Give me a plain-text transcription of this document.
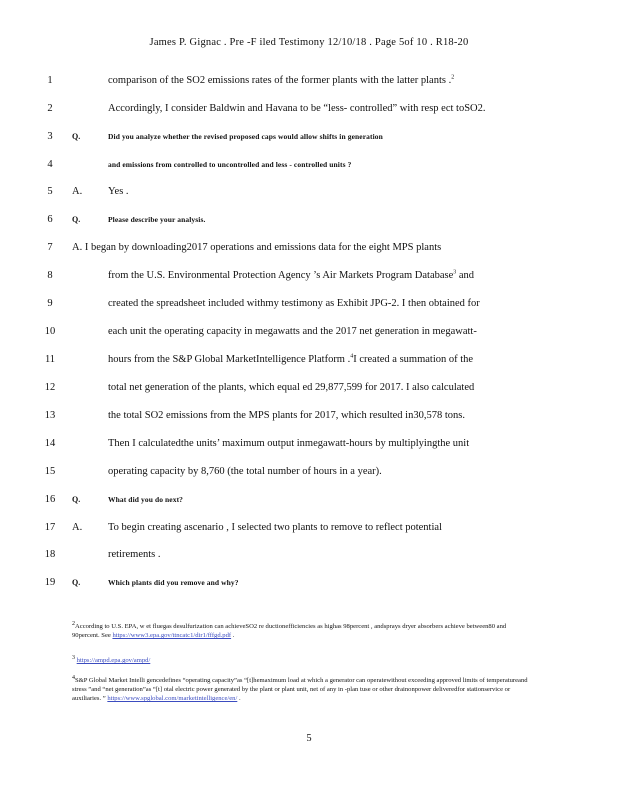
James P. Gignac . Pre -F iled Testimony 12/10/18 . Page 5of 10 . R18-20
1	comparison of the SO2 emissions rates of the former plants with the latter plants .$^2$
2	Accordingly, I consider Baldwin and Havana to be “less- controlled” with resp ect toSO2.
3	Q.	Did you analyze whether the revised proposed caps would allow shifts in generation
4	and emissions from controlled to uncontrolled and less - controlled units ?
5	A. Yes .
6	Q.	Please describe your analysis.
7	A. I began by downloading2017 operations and emissions data for the eight MPS plants
8	from the U.S. Environmental Protection Agency ’s Air Markets Program Database$^3$ and
9	created the spreadsheet included withmy testimony as Exhibit JPG-2. I then obtained for
10	each unit the operating capacity in megawatts and the 2017 net generation in megawatt-
11	hours from the S&P Global MarketIntelligence Platform .$^4$I created a summation of the
12	total net generation of the plants, which equal ed 29,877,599 for 2017. I also calculated
13	the total SO2 emissions from the MPS plants for 2017, which resulted in30,578 tons.
14	Then I calculatedthe units’ maximum output inmegawatt-hours by multiplyingthe unit
15	operating capacity by 8,760 (the total number of hours in a year).
16	Q.	What did you do next?
17	A. To begin creating ascenario , I selected two plants to remove to reflect potential
18	retirements .
19	Q.	Which plants did you remove and why?

$^2$According to U.S. EPA, w et fluegas desulfurization can achieveSO2 re ductionefficiencies as highas 98percent , andsprays dryer absorbers achieve between80 and 90percent. See https://www3.epa.gov/ttncatc1/dir1/fffgd.pdf .

$^3$ https://ampd.epa.gov/ampd/

$^4$S&P Global Market Intelli gencedefines “operating capacity”as “[t]hemaximum load at which a generator can operatewithout exceeding approved limits of temperatureand stress ”and “net generation”as “[t] otal electric power generated by the plant or plant unit, net of any in -plan tuse or other drainonpower deliveredfor stationservice or auxiliaries. ” https://www.spglobal.com/marketintelligence/en/ .

5
